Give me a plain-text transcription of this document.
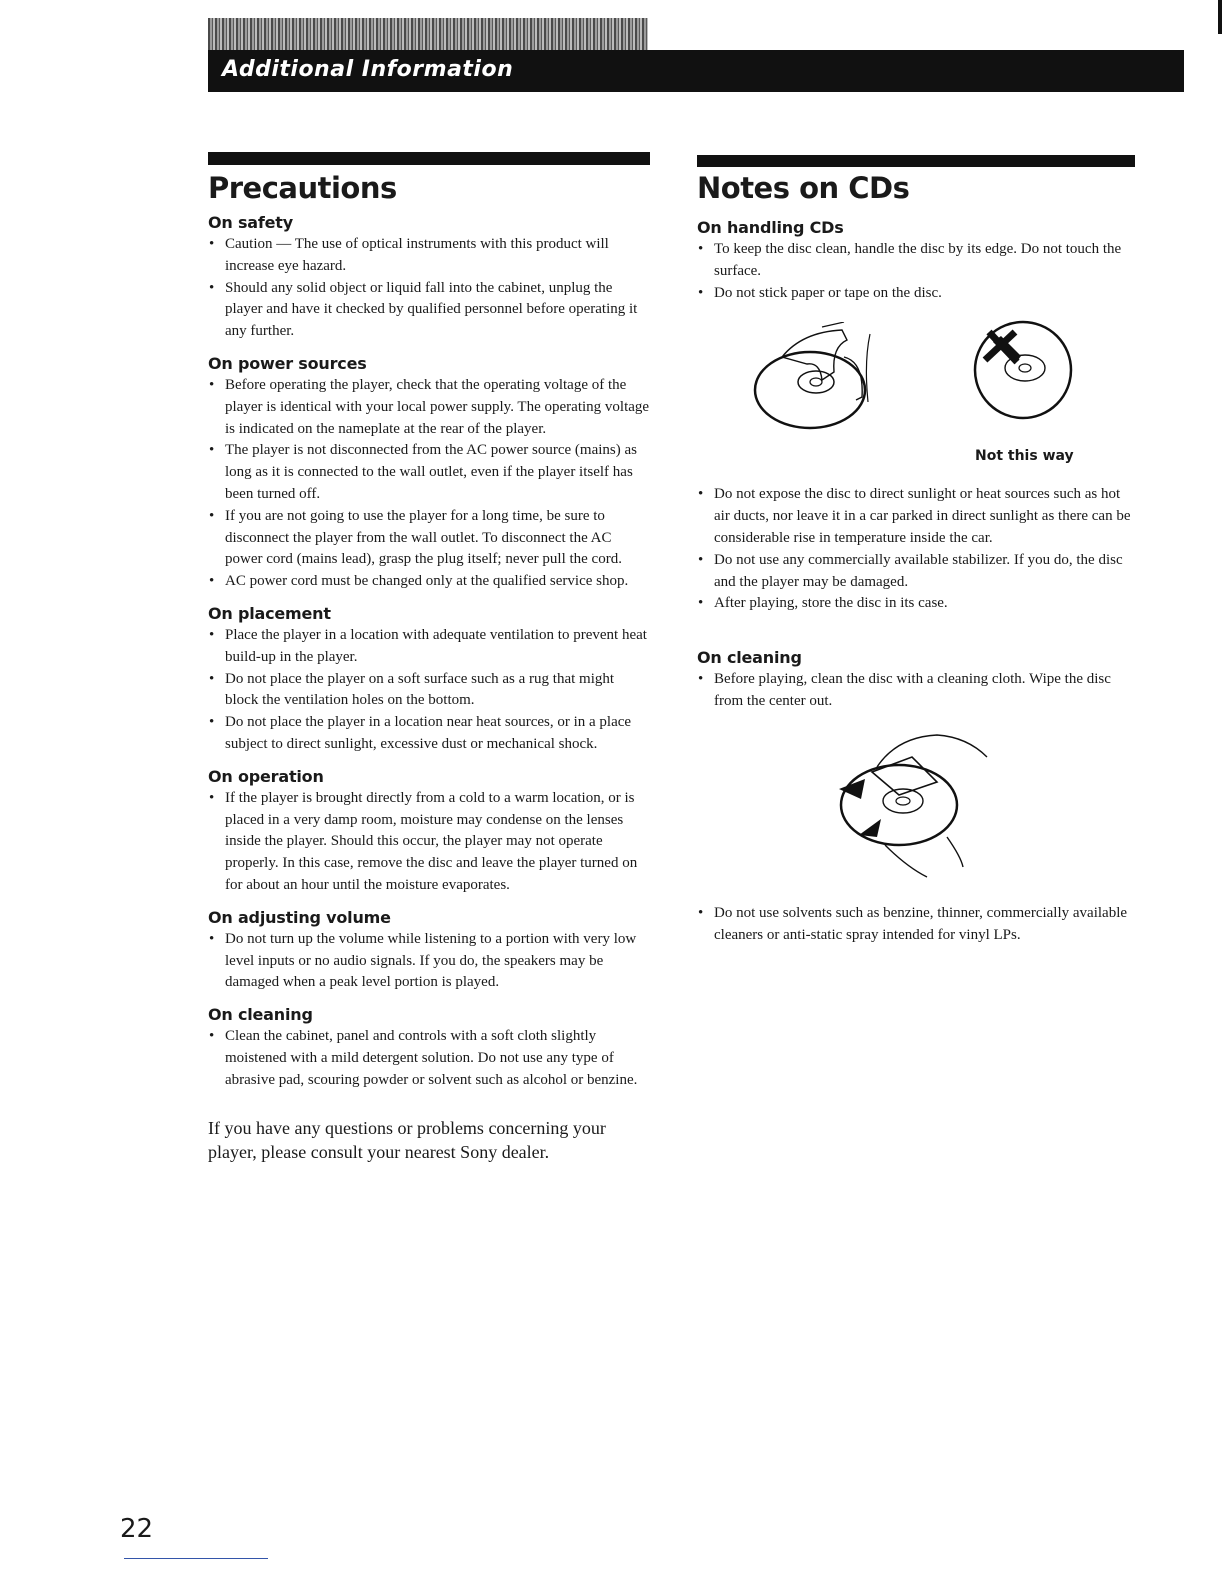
Additional Information
Precautions
On safety
• Caution — The use of optical instruments with this product will increase eye hazard.
• Should any solid object or liquid fall into the cabinet, unplug the player and have it checked by qualified personnel before operating it any further.
On power sources
• Before operating the player, check that the operating voltage of the player is identical with your local power supply. The operating voltage is indicated on the nameplate at the rear of the player.
• The player is not disconnected from the AC power source (mains) as long as it is connected to the wall outlet, even if the player itself has been turned off.
• If you are not going to use the player for a long time, be sure to disconnect the player from the wall outlet. To disconnect the AC power cord (mains lead), grasp the plug itself; never pull the cord.
• AC power cord must be changed only at the qualified service shop.
On placement
• Place the player in a location with adequate ventilation to prevent heat build-up in the player.
• Do not place the player on a soft surface such as a rug that might block the ventilation holes on the bottom.
• Do not place the player in a location near heat sources, or in a place subject to direct sunlight, excessive dust or mechanical shock.
On operation
• If the player is brought directly from a cold to a warm location, or is placed in a very damp room, moisture may condense on the lenses inside the player. Should this occur, the player may not operate properly. In this case, remove the disc and leave the player turned on for about an hour until the moisture evaporates.
On adjusting volume
• Do not turn up the volume while listening to a portion with very low level inputs or no audio signals. If you do, the speakers may be damaged when a peak level portion is played.
On cleaning
• Clean the cabinet, panel and controls with a soft cloth slightly moistened with a mild detergent solution. Do not use any type of abrasive pad, scouring powder or solvent such as alcohol or benzine.

If you have any questions or problems concerning your player, please consult your nearest Sony dealer.

Notes on CDs
On handling CDs
• To keep the disc clean, handle the disc by its edge. Do not touch the surface.
• Do not stick paper or tape on the disc.

Not this way

• Do not expose the disc to direct sunlight or heat sources such as hot air ducts, nor leave it in a car parked in direct sunlight as there can be considerable rise in temperature inside the car.
• Do not use any commercially available stabilizer. If you do, the disc and the player may be damaged.
• After playing, store the disc in its case.
On cleaning
• Before playing, clean the disc with a cleaning cloth. Wipe the disc from the center out.
• Do not use solvents such as benzine, thinner, commercially available cleaners or anti-static spray intended for vinyl LPs.

22
